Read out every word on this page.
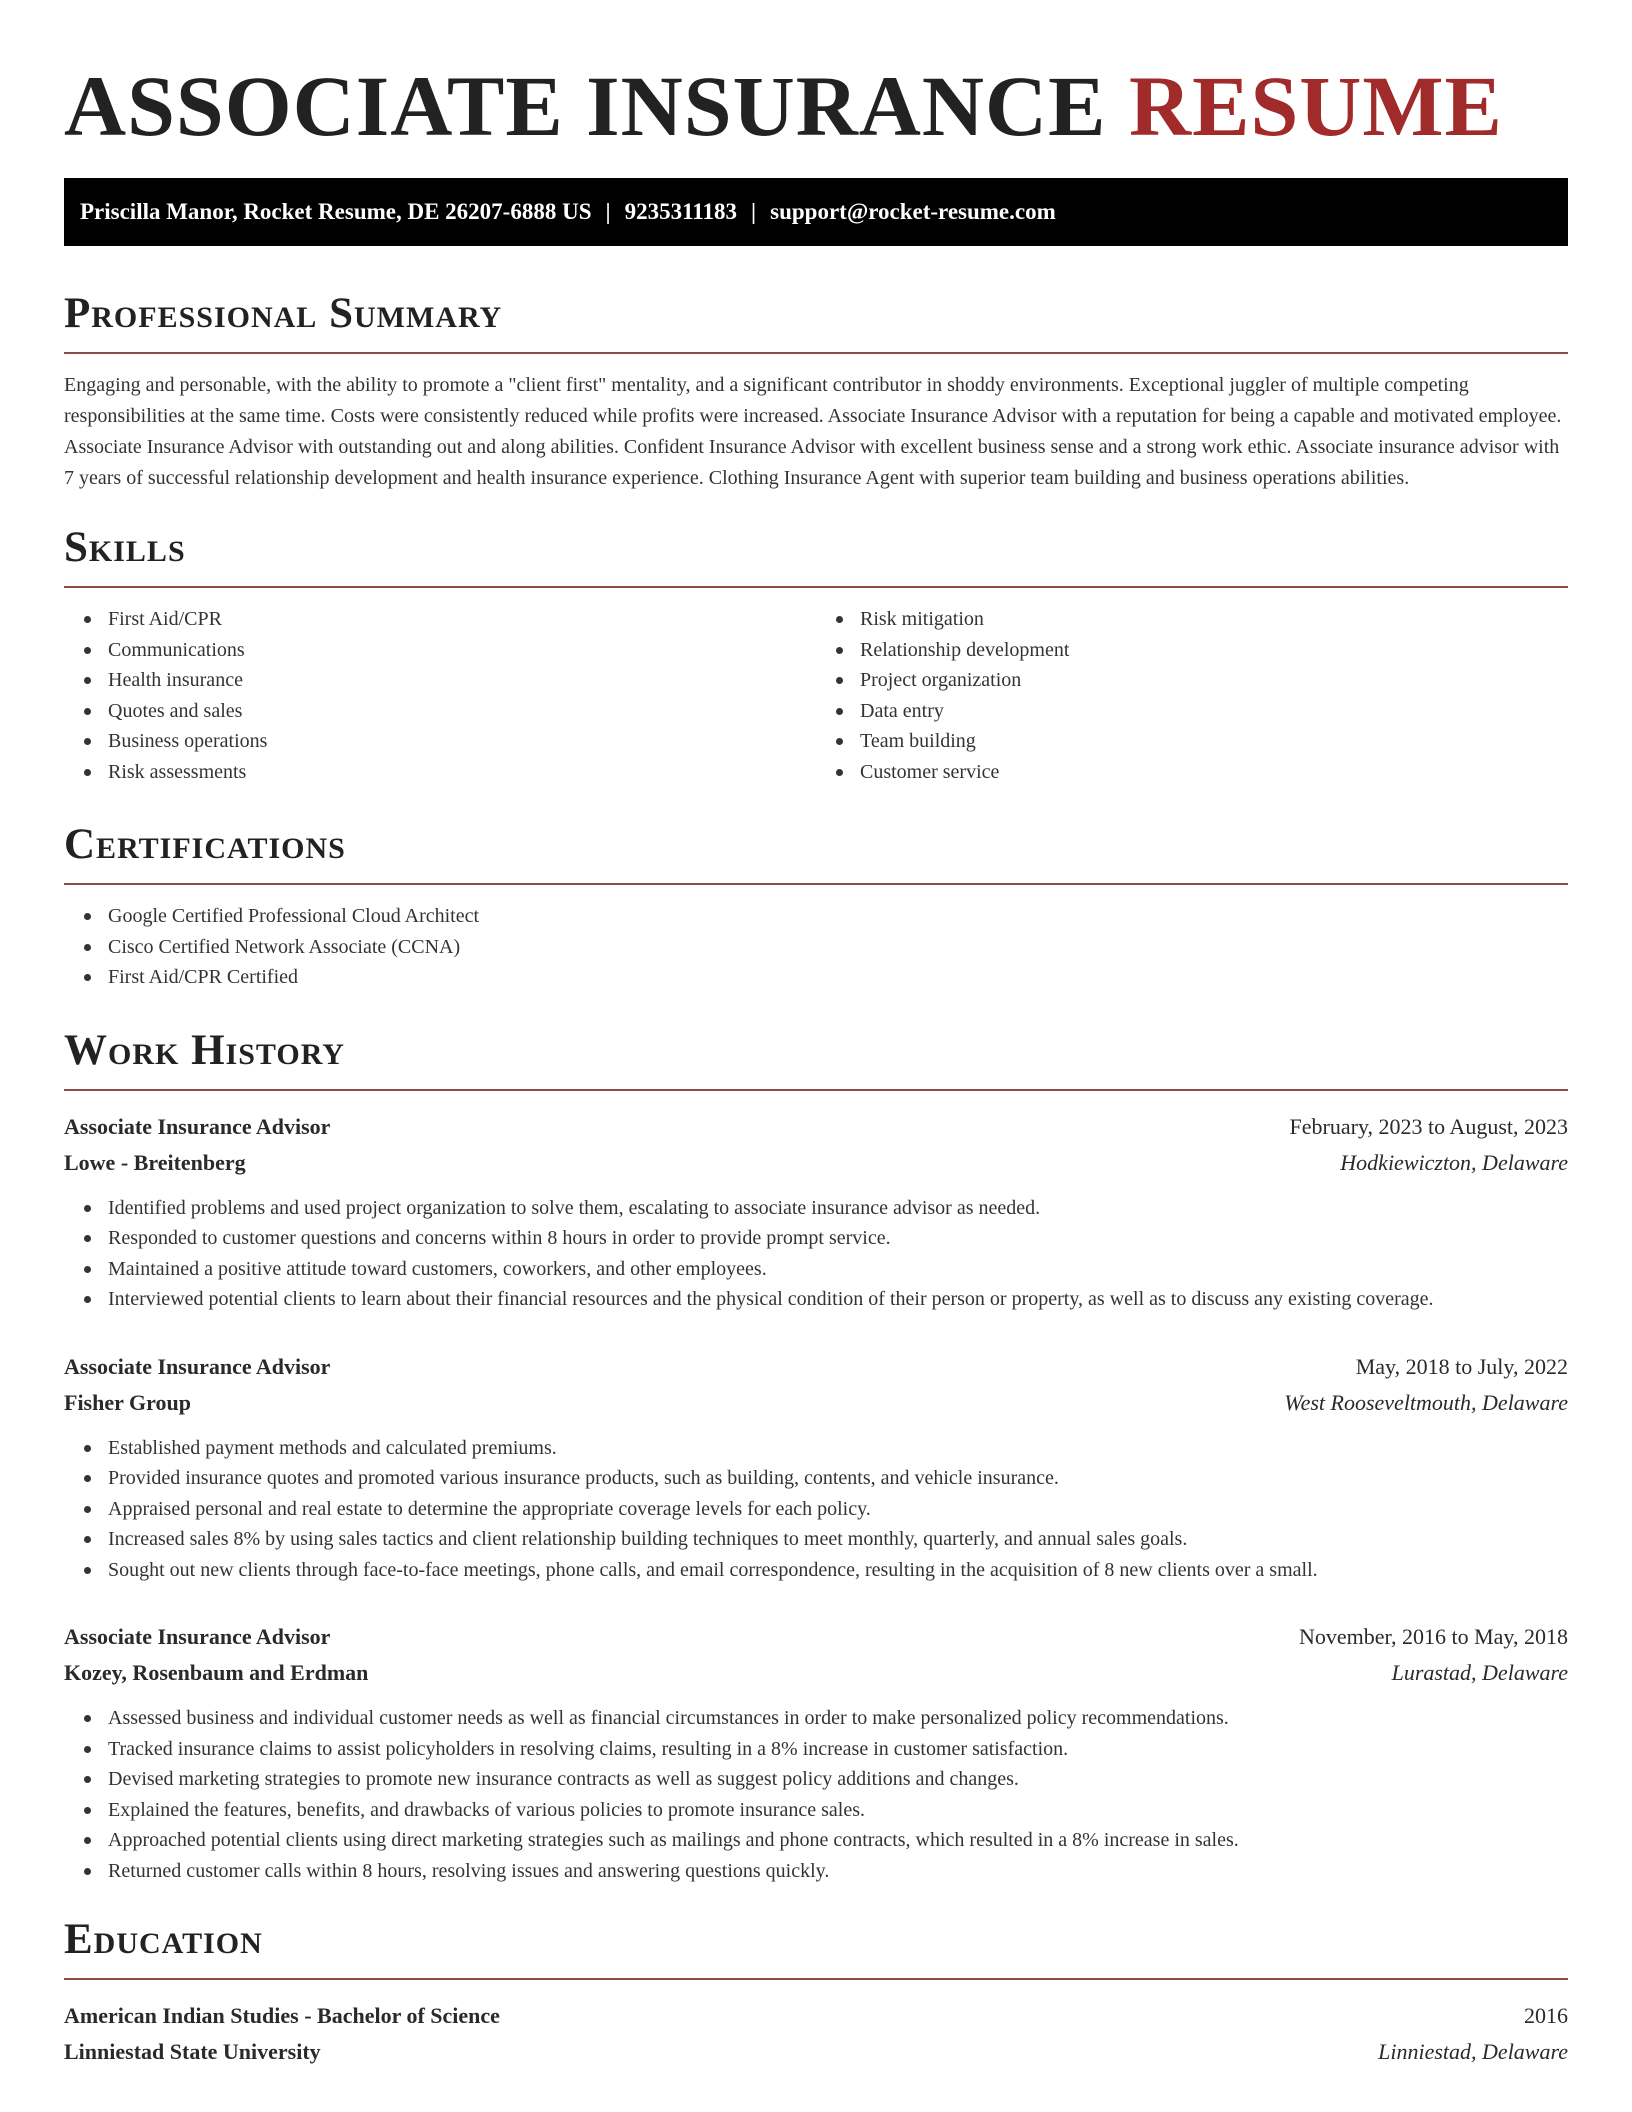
ASSOCIATE INSURANCE RESUME
Priscilla Manor, Rocket Resume, DE 26207-6888 US | 9235311183 | support@rocket-resume.com
Professional Summary

Engaging and personable, with the ability to promote a "client first" mentality, and a significant contributor in shoddy environments. Exceptional juggler of multiple competing responsibilities at the same time. Costs were consistently reduced while profits were increased. Associate Insurance Advisor with a reputation for being a capable and motivated employee. Associate Insurance Advisor with outstanding out and along abilities. Confident Insurance Advisor with excellent business sense and a strong work ethic. Associate insurance advisor with 7 years of successful relationship development and health insurance experience. Clothing Insurance Agent with superior team building and business operations abilities.

Skills
First Aid/CPR
Communications
Health insurance
Quotes and sales
Business operations
Risk assessments
Risk mitigation
Relationship development
Project organization
Data entry
Team building
Customer service
Certifications
Google Certified Professional Cloud Architect
Cisco Certified Network Associate (CCNA)
First Aid/CPR Certified
Work History
Associate Insurance Advisor	February, 2023 to August, 2023
Lowe - Breitenberg	Hodkiewiczton, Delaware
Identified problems and used project organization to solve them, escalating to associate insurance advisor as needed.
Responded to customer questions and concerns within 8 hours in order to provide prompt service.
Maintained a positive attitude toward customers, coworkers, and other employees.
Interviewed potential clients to learn about their financial resources and the physical condition of their person or property, as well as to discuss any existing coverage.
Associate Insurance Advisor	May, 2018 to July, 2022
Fisher Group	West Rooseveltmouth, Delaware
Established payment methods and calculated premiums.
Provided insurance quotes and promoted various insurance products, such as building, contents, and vehicle insurance.
Appraised personal and real estate to determine the appropriate coverage levels for each policy.
Increased sales 8% by using sales tactics and client relationship building techniques to meet monthly, quarterly, and annual sales goals.
Sought out new clients through face-to-face meetings, phone calls, and email correspondence, resulting in the acquisition of 8 new clients over a small.
Associate Insurance Advisor	November, 2016 to May, 2018
Kozey, Rosenbaum and Erdman	Lurastad, Delaware
Assessed business and individual customer needs as well as financial circumstances in order to make personalized policy recommendations.
Tracked insurance claims to assist policyholders in resolving claims, resulting in a 8% increase in customer satisfaction.
Devised marketing strategies to promote new insurance contracts as well as suggest policy additions and changes.
Explained the features, benefits, and drawbacks of various policies to promote insurance sales.
Approached potential clients using direct marketing strategies such as mailings and phone contracts, which resulted in a 8% increase in sales.
Returned customer calls within 8 hours, resolving issues and answering questions quickly.
Education
American Indian Studies - Bachelor of Science	2016
Linniestad State University	Linniestad, Delaware
